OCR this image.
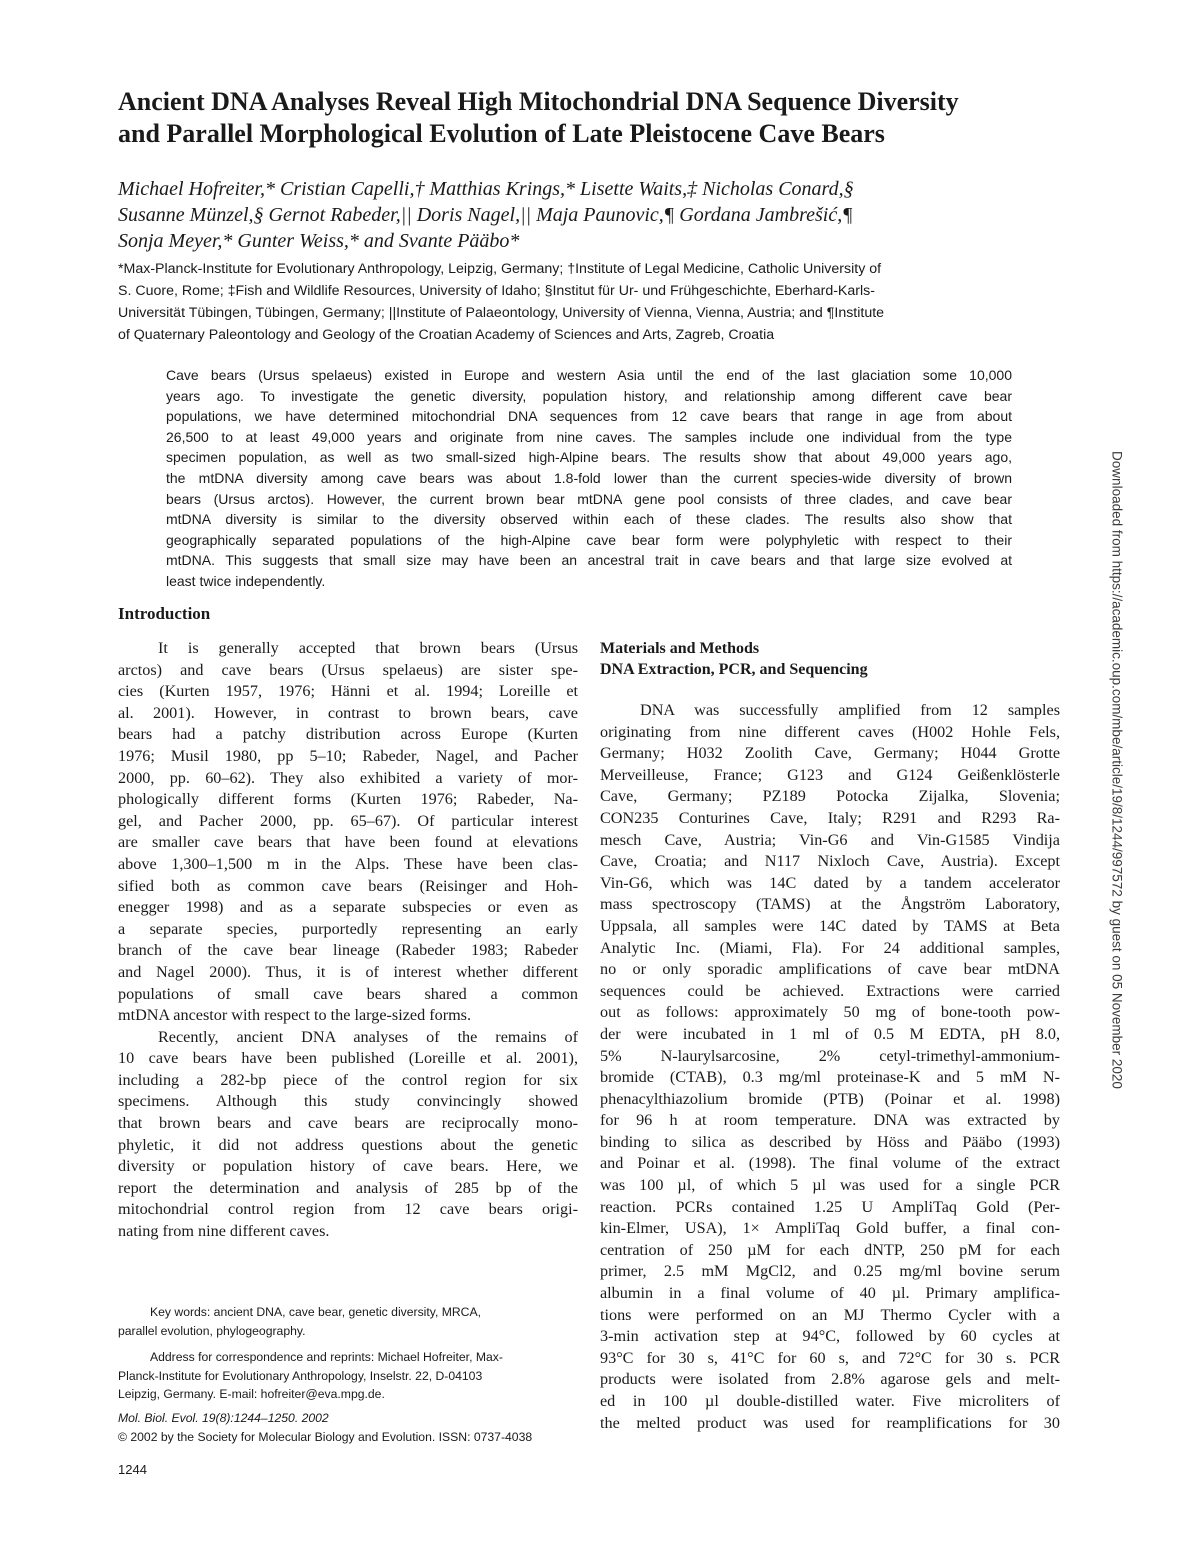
Ancient DNA Analyses Reveal High Mitochondrial DNA Sequence Diversity
and Parallel Morphological Evolution of Late Pleistocene Cave Bears
Michael Hofreiter,* Cristian Capelli,† Matthias Krings,* Lisette Waits,‡ Nicholas Conard,§
Susanne Münzel,§ Gernot Rabeder,|| Doris Nagel,|| Maja Paunovic,¶ Gordana Jambrešić,¶
Sonja Meyer,* Gunter Weiss,* and Svante Pääbo*
*Max-Planck-Institute for Evolutionary Anthropology, Leipzig, Germany; †Institute of Legal Medicine, Catholic University of
S. Cuore, Rome; ‡Fish and Wildlife Resources, University of Idaho; §Institut für Ur- und Frühgeschichte, Eberhard-Karls-
Universität Tübingen, Tübingen, Germany; ||Institute of Palaeontology, University of Vienna, Vienna, Austria; and ¶Institute
of Quaternary Paleontology and Geology of the Croatian Academy of Sciences and Arts, Zagreb, Croatia
Cave bears (Ursus spelaeus) existed in Europe and western Asia until the end of the last glaciation some 10,000
years ago. To investigate the genetic diversity, population history, and relationship among different cave bear
populations, we have determined mitochondrial DNA sequences from 12 cave bears that range in age from about
26,500 to at least 49,000 years and originate from nine caves. The samples include one individual from the type
specimen population, as well as two small-sized high-Alpine bears. The results show that about 49,000 years ago,
the mtDNA diversity among cave bears was about 1.8-fold lower than the current species-wide diversity of brown
bears (Ursus arctos). However, the current brown bear mtDNA gene pool consists of three clades, and cave bear
mtDNA diversity is similar to the diversity observed within each of these clades. The results also show that
geographically separated populations of the high-Alpine cave bear form were polyphyletic with respect to their
mtDNA. This suggests that small size may have been an ancestral trait in cave bears and that large size evolved at
least twice independently.
Introduction
It is generally accepted that brown bears (Ursus
arctos) and cave bears (Ursus spelaeus) are sister spe-
cies (Kurten 1957, 1976; Hänni et al. 1994; Loreille et
al. 2001). However, in contrast to brown bears, cave
bears had a patchy distribution across Europe (Kurten
1976; Musil 1980, pp 5–10; Rabeder, Nagel, and Pacher
2000, pp. 60–62). They also exhibited a variety of mor-
phologically different forms (Kurten 1976; Rabeder, Na-
gel, and Pacher 2000, pp. 65–67). Of particular interest
are smaller cave bears that have been found at elevations
above 1,300–1,500 m in the Alps. These have been clas-
sified both as common cave bears (Reisinger and Hoh-
enegger 1998) and as a separate subspecies or even as
a separate species, purportedly representing an early
branch of the cave bear lineage (Rabeder 1983; Rabeder
and Nagel 2000). Thus, it is of interest whether different
populations of small cave bears shared a common
mtDNA ancestor with respect to the large-sized forms.
Recently, ancient DNA analyses of the remains of
10 cave bears have been published (Loreille et al. 2001),
including a 282-bp piece of the control region for six
specimens. Although this study convincingly showed
that brown bears and cave bears are reciprocally mono-
phyletic, it did not address questions about the genetic
diversity or population history of cave bears. Here, we
report the determination and analysis of 285 bp of the
mitochondrial control region from 12 cave bears origi-
nating from nine different caves.
Key words: ancient DNA, cave bear, genetic diversity, MRCA,
parallel evolution, phylogeography.
Address for correspondence and reprints: Michael Hofreiter, Max-
Planck-Institute for Evolutionary Anthropology, Inselstr. 22, D-04103
Leipzig, Germany. E-mail: hofreiter@eva.mpg.de.
Mol. Biol. Evol. 19(8):1244–1250. 2002
© 2002 by the Society for Molecular Biology and Evolution. ISSN: 0737-4038
1244
Materials and Methods
DNA Extraction, PCR, and Sequencing
DNA was successfully amplified from 12 samples
originating from nine different caves (H002 Hohle Fels,
Germany; H032 Zoolith Cave, Germany; H044 Grotte
Merveilleuse, France; G123 and G124 Geißenklösterle
Cave, Germany; PZ189 Potocka Zijalka, Slovenia;
CON235 Conturines Cave, Italy; R291 and R293 Ra-
mesch Cave, Austria; Vin-G6 and Vin-G1585 Vindija
Cave, Croatia; and N117 Nixloch Cave, Austria). Except
Vin-G6, which was 14C dated by a tandem accelerator
mass spectroscopy (TAMS) at the Ångström Laboratory,
Uppsala, all samples were 14C dated by TAMS at Beta
Analytic Inc. (Miami, Fla). For 24 additional samples,
no or only sporadic amplifications of cave bear mtDNA
sequences could be achieved. Extractions were carried
out as follows: approximately 50 mg of bone-tooth pow-
der were incubated in 1 ml of 0.5 M EDTA, pH 8.0,
5% N-laurylsarcosine, 2% cetyl-trimethyl-ammonium-
bromide (CTAB), 0.3 mg/ml proteinase-K and 5 mM N-
phenacylthiazolium bromide (PTB) (Poinar et al. 1998)
for 96 h at room temperature. DNA was extracted by
binding to silica as described by Höss and Pääbo (1993)
and Poinar et al. (1998). The final volume of the extract
was 100 µl, of which 5 µl was used for a single PCR
reaction. PCRs contained 1.25 U AmpliTaq Gold (Per-
kin-Elmer, USA), 1× AmpliTaq Gold buffer, a final con-
centration of 250 µM for each dNTP, 250 pM for each
primer, 2.5 mM MgCl2, and 0.25 mg/ml bovine serum
albumin in a final volume of 40 µl. Primary amplifica-
tions were performed on an MJ Thermo Cycler with a
3-min activation step at 94°C, followed by 60 cycles at
93°C for 30 s, 41°C for 60 s, and 72°C for 30 s. PCR
products were isolated from 2.8% agarose gels and melt-
ed in 100 µl double-distilled water. Five microliters of
the melted product was used for reamplifications for 30
Downloaded from https://academic.oup.com/mbe/article/19/8/1244/997572 by guest on 05 November 2020
